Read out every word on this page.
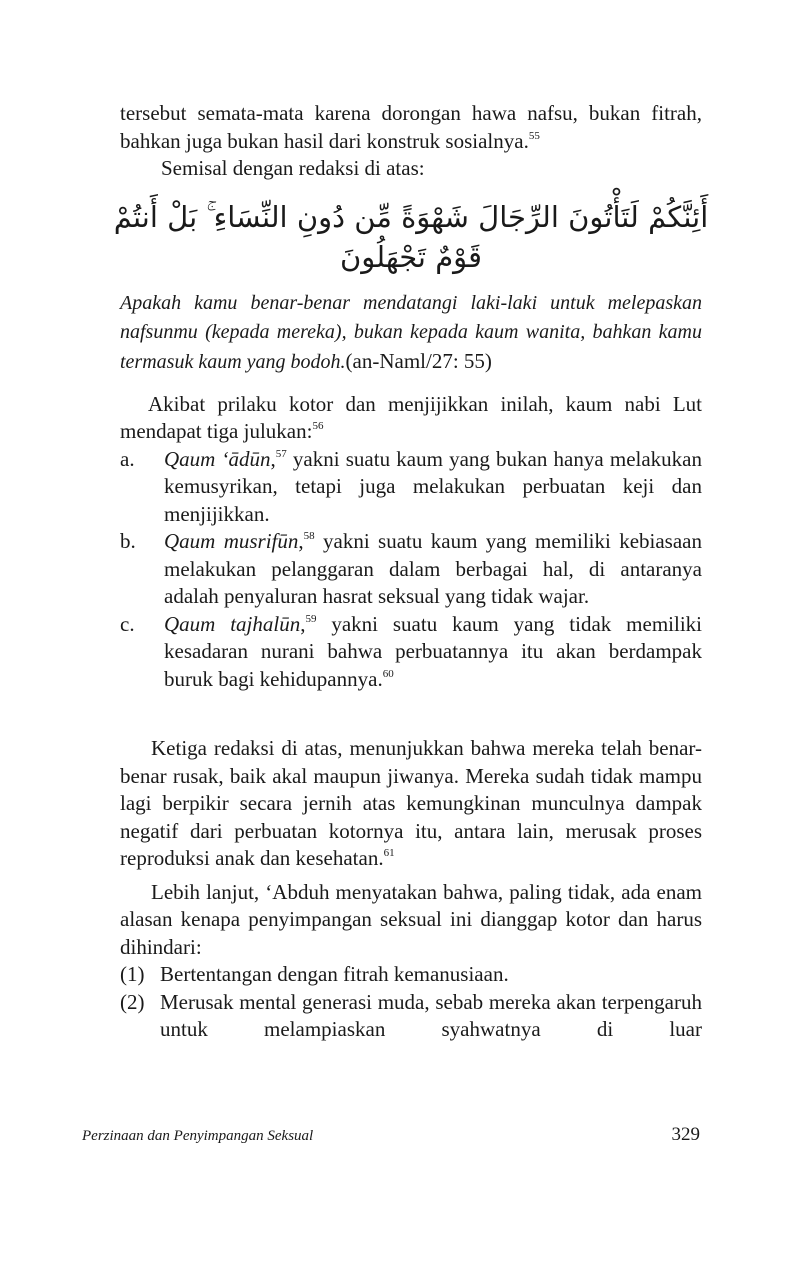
tersebut semata-mata karena dorongan hawa nafsu, bukan fitrah, bahkan juga bukan hasil dari konstruk sosialnya.$^{55}$

Semisal dengan redaksi di atas:

أَئِنَّكُمْ لَتَأْتُونَ الرِّجَالَ شَهْوَةً مِّن دُونِ النِّسَاءِ ۚ بَلْ أَنتُمْ قَوْمٌ تَجْهَلُونَ

Apakah kamu benar-benar mendatangi laki-laki untuk melepaskan nafsunmu (kepada mereka), bukan kepada kaum wanita, bahkan kamu termasuk kaum yang bodoh.(an-Naml/27: 55)

Akibat prilaku kotor dan menjijikkan inilah, kaum nabi Lut mendapat tiga julukan:$^{56}$

a. Qaum ‘ādūn,$^{57}$ yakni suatu kaum yang bukan hanya melakukan kemusyrikan, tetapi juga melakukan perbuatan keji dan menjijikkan.

b. Qaum musrifūn,$^{58}$ yakni suatu kaum yang memiliki kebiasaan melakukan pelanggaran dalam berbagai hal, di antaranya adalah penyaluran hasrat seksual yang tidak wajar.

c. Qaum tajhalūn,$^{59}$ yakni suatu kaum yang tidak memiliki kesadaran nurani bahwa perbuatannya itu akan berdampak buruk bagi kehidupannya.$^{60}$

Ketiga redaksi di atas, menunjukkan bahwa mereka telah benar-benar rusak, baik akal maupun jiwanya. Mereka sudah tidak mampu lagi berpikir secara jernih atas kemungkinan munculnya dampak negatif dari perbuatan kotornya itu, antara lain, merusak proses reproduksi anak dan kesehatan.$^{61}$

Lebih lanjut, ‘Abduh menyatakan bahwa, paling tidak, ada enam alasan kenapa penyimpangan seksual ini dianggap kotor dan harus dihindari:

(1) Bertentangan dengan fitrah kemanusiaan.

(2) Merusak mental generasi muda, sebab mereka akan terpengaruh untuk melampiaskan syahwatnya di luar

Perzinaan dan Penyimpangan Seksual	329
